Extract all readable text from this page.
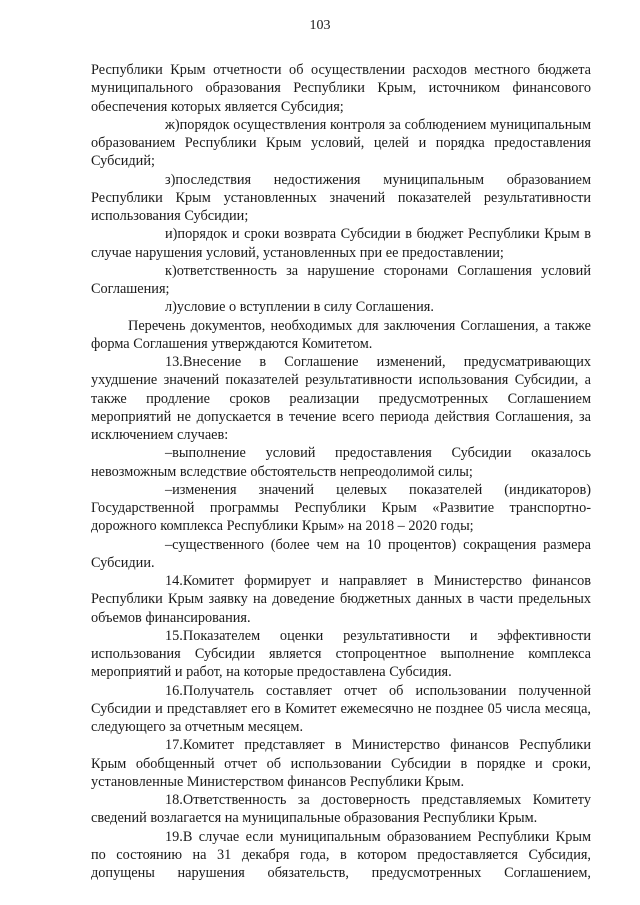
103

Республики Крым отчетности об осуществлении расходов местного бюджета муниципального образования Республики Крым, источником финансового обеспечения которых является Субсидия;

ж)порядок осуществления контроля за соблюдением муниципальным образованием Республики Крым условий, целей и порядка предоставления Субсидий;

з)последствия недостижения муниципальным образованием Республики Крым установленных значений показателей результативности использования Субсидии;

и)порядок и сроки возврата Субсидии в бюджет Республики Крым в случае нарушения условий, установленных при ее предоставлении;

к)ответственность за нарушение сторонами Соглашения условий Соглашения;

л)условие о вступлении в силу Соглашения.

Перечень документов, необходимых для заключения Соглашения, а также форма Соглашения утверждаются Комитетом.

13.Внесение в Соглашение изменений, предусматривающих ухудшение значений показателей результативности использования Субсидии, а также продление сроков реализации предусмотренных Соглашением мероприятий не допускается в течение всего периода действия Соглашения, за исключением случаев:

–выполнение условий предоставления Субсидии оказалось невозможным вследствие обстоятельств непреодолимой силы;

–изменения значений целевых показателей (индикаторов) Государственной программы Республики Крым «Развитие транспортно-дорожного комплекса Республики Крым» на 2018 – 2020 годы;

–существенного (более чем на 10 процентов) сокращения размера Субсидии.

14.Комитет формирует и направляет в Министерство финансов Республики Крым заявку на доведение бюджетных данных в части предельных объемов финансирования.

15.Показателем оценки результативности и эффективности использования Субсидии является стопроцентное выполнение комплекса мероприятий и работ, на которые предоставлена Субсидия.

16.Получатель составляет отчет об использовании полученной Субсидии и представляет его в Комитет ежемесячно не позднее 05 числа месяца, следующего за отчетным месяцем.

17.Комитет представляет в Министерство финансов Республики Крым обобщенный отчет об использовании Субсидии в порядке и сроки, установленные Министерством финансов Республики Крым.

18.Ответственность за достоверность представляемых Комитету сведений возлагается на муниципальные образования Республики Крым.

19.В случае если муниципальным образованием Республики Крым по состоянию на 31 декабря года, в котором предоставляется Субсидия, допущены нарушения обязательств, предусмотренных Соглашением,
